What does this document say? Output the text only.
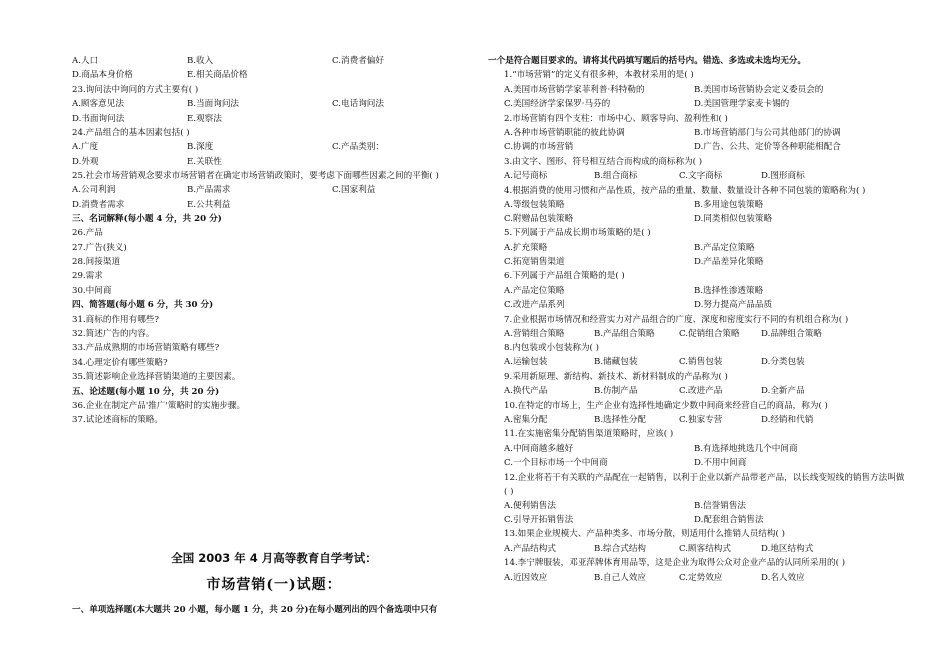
A.人口	B.收入	C.消费者偏好
D.商品本身价格	E.相关商品价格
23.询问法中询问的方式主要有( )
A.顾客意见法	B.当面询问法	C.电话询问法
D.书面询问法	E.观察法
24.产品组合的基本因素包括( )
A.广度	B.深度	C.产品类别：
D.外观	E.关联性
25.社会市场营销观念要求市场营销者在确定市场营销政策时，要考虑下面哪些因素之间的平衡( )
A.公司利润	B.产品需求	C.国家利益
D.消费者需求	E.公共利益
三、名词解释(每小题 4 分，共 20 分)
26.产品
27.广告(狭义)
28.间接渠道
29.需求
30.中间商
四、简答题(每小题 6 分，共 30 分)
31.商标的作用有哪些?
32.简述广告的内容。
33.产品成熟期的市场营销策略有哪些?
34.心理定价有哪些策略?
35.简述影响企业选择营销渠道的主要因素。
五、论述题(每小题 10 分，共 20 分)
36.企业在制定产品'推广'策略时的实施步骤。
37.试论述商标的策略。
一个是符合题目要求的。请将其代码填写题后的括号内。错选、多选或未选均无分。
1.“市场营销”的定义有很多种，本教材采用的是( )
A.美国市场营销学家菲利普·科特勒的	B.美国市场营销协会定义委员会的
C.美国经济学家保罗·马芬的	D.美国管理学家麦卡锡的
2.市场营销有四个支柱：市场中心、顾客导向、盈利性和( )
A.各种市场营销职能的彼此协调	B.市场营销部门与公司其他部门的协调
C.协调的市场营销	D.广告、公共、定价等各种职能相配合
3.由文字、图形、符号相互结合而构成的商标称为( )
A.记号商标	B.组合商标	C.文字商标	D.图形商标
4.根据消费的使用习惯和产品性质，按产品的重量、数量、数量设计各种不同包装的策略称为( )
A.等级包装策略	B.多用途包装策略
C.附赠品包装策略	D.同类相似包装策略
5.下列属于产品成长期市场策略的是( )
A.扩充策略	B.产品定位策略
C.拓宽销售渠道	D.产品差异化策略
6.下列属于产品组合策略的是( )
A.产品定位策略	B.选择性渗透策略
C.改进产品系列	D.努力提高产品品质
7.企业根据市场情况和经营实力对产品组合的广度、深度和密度实行不同的有机组合称为( )
A.营销组合策略	B.产品组合策略	C.促销组合策略	D.品牌组合策略
8.内包装或小包装称为( )
A.运输包装	B.储藏包装	C.销售包装	D.分类包装
9.采用新原理、新结构、新技术、新材料制成的产品称为( )
A.换代产品	B.仿制产品	C.改进产品	D.全新产品
10.在特定的市场上，生产企业有选择性地确定少数中间商来经营自己的商品，称为( )
A.密集分配	B.选择性分配	C.独家专营	D.经销和代销
11.在实施密集分配销售渠道策略时，应该( )
A.中间商越多越好	B.有选择地挑选几个中间商
C.一个目标市场一个中间商	D.不用中间商
12.企业将若干有关联的产品配在一起销售，以利于企业以新产品带老产品，以长线变短线的销售方法叫做( )
A.便利销售法	B.信誉销售法
C.引导开拓销售法	D.配套组合销售法
13.如果企业规模大、产品种类多、市场分散，则适用什么推销人员结构( )
A.产品结构式	B.综合式结构	C.顾客结构式	D.地区结构式
14.李宁牌服装，邓亚萍牌体育用品等，这是企业为取得公众对企业产品的认同所采用的( )
A.近因效应	B.自己人效应	C.定势效应	D.名人效应
全国 2003 年 4 月高等教育自学考试：
市场营销(一)试题：
一、单项选择题(本大题共 20 小题，每小题 1 分，共 20 分)在每小题列出的四个备选项中只有
